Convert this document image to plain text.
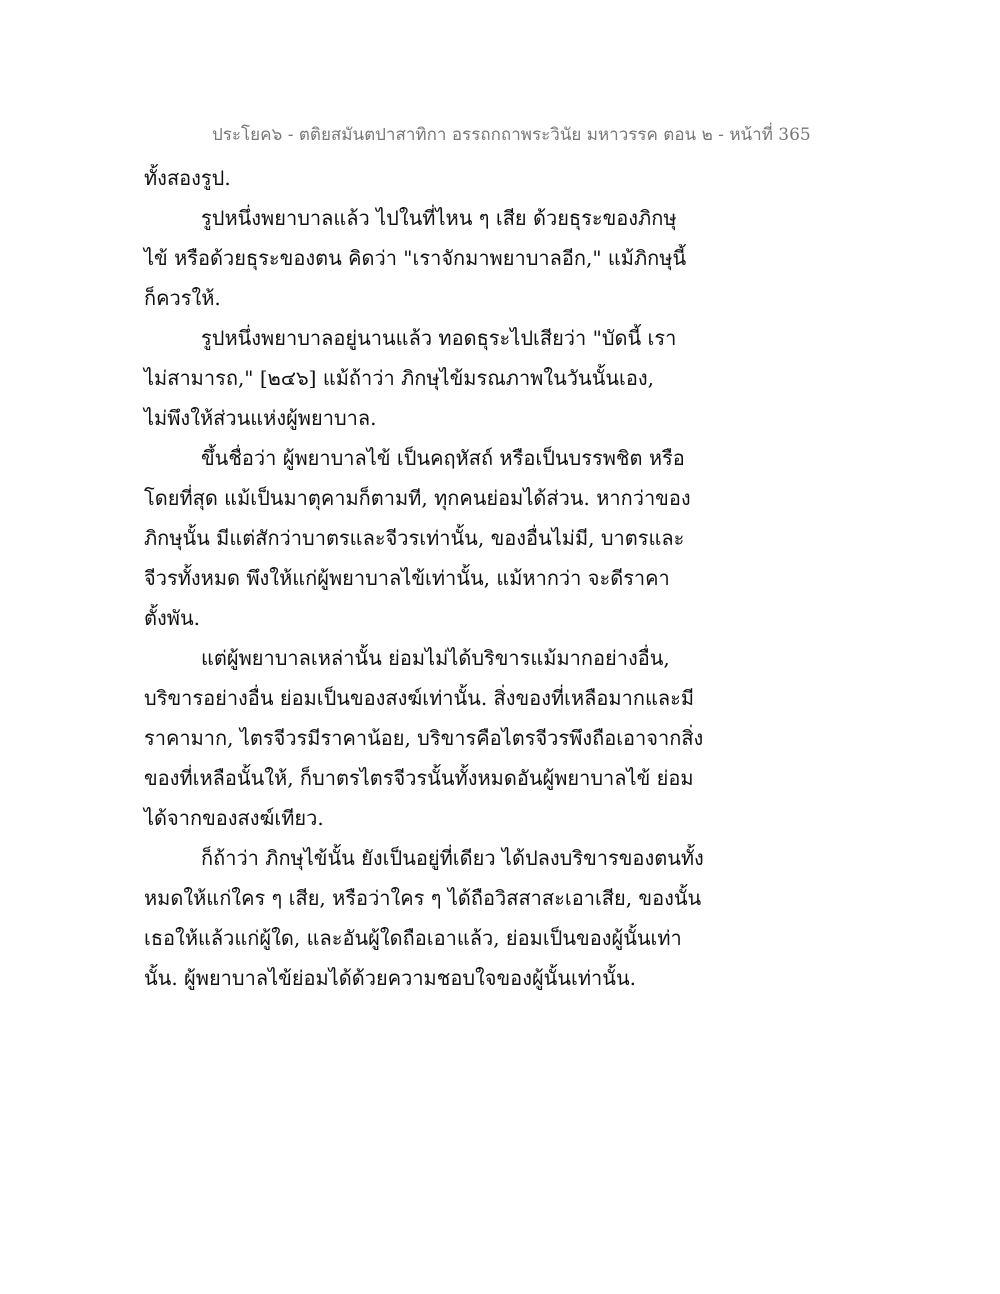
ประโยค๖ - ตติยสมันตปาสาทิกา อรรถกถาพระวินัย มหาวรรค ตอน ๒ - หน้าที่ 365
ทั้งสองรูป.
รูปหนึ่งพยาบาลแล้ว ไปในที่ไหน ๆ เสีย ด้วยธุระของภิกษุ
ไข้ หรือด้วยธุระของตน คิดว่า "เราจักมาพยาบาลอีก," แม้ภิกษุนี้
ก็ควรให้.
รูปหนึ่งพยาบาลอยู่นานแล้ว ทอดธุระไปเสียว่า "บัดนี้ เรา
ไม่สามารถ," [๒๔๖] แม้ถ้าว่า ภิกษุไข้มรณภาพในวันนั้นเอง,
ไม่พึงให้ส่วนแห่งผู้พยาบาล.
ขึ้นชื่อว่า ผู้พยาบาลไข้ เป็นคฤหัสถ์ หรือเป็นบรรพชิต หรือ
โดยที่สุด แม้เป็นมาตุคามก็ตามที, ทุกคนย่อมได้ส่วน. หากว่าของ
ภิกษุนั้น มีแต่สักว่าบาตรและจีวรเท่านั้น, ของอื่นไม่มี, บาตรและ
จีวรทั้งหมด พึงให้แก่ผู้พยาบาลไข้เท่านั้น, แม้หากว่า จะดีราคา
ตั้งพัน.
แต่ผู้พยาบาลเหล่านั้น ย่อมไม่ได้บริขารแม้มากอย่างอื่น,
บริขารอย่างอื่น ย่อมเป็นของสงฆ์เท่านั้น. สิ่งของที่เหลือมากและมี
ราคามาก, ไตรจีวรมีราคาน้อย, บริขารคือไตรจีวรพึงถือเอาจากสิ่ง
ของที่เหลือนั้นให้, ก็บาตรไตรจีวรนั้นทั้งหมดอันผู้พยาบาลไข้ ย่อม
ได้จากของสงฆ์เทียว.
ก็ถ้าว่า ภิกษุไข้นั้น ยังเป็นอยู่ที่เดียว ได้ปลงบริขารของตนทั้ง
หมดให้แก่ใคร ๆ เสีย, หรือว่าใคร ๆ ได้ถือวิสสาสะเอาเสีย, ของนั้น
เธอให้แล้วแก่ผู้ใด, และอันผู้ใดถือเอาแล้ว, ย่อมเป็นของผู้นั้นเท่า
นั้น. ผู้พยาบาลไข้ย่อมได้ด้วยความชอบใจของผู้นั้นเท่านั้น.
